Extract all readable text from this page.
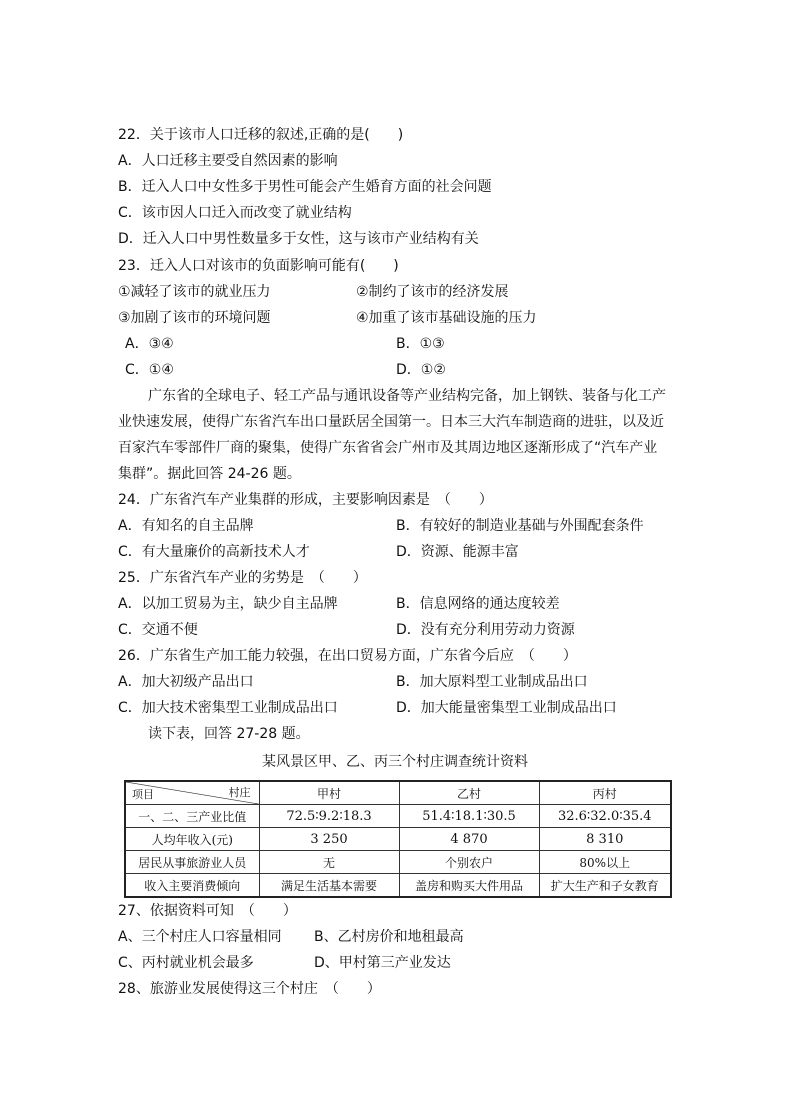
22．关于该市人口迁移的叙述,正确的是(　　)
A．人口迁移主要受自然因素的影响
B．迁入人口中女性多于男性可能会产生婚育方面的社会问题
C．该市因人口迁入而改变了就业结构
D．迁入人口中男性数量多于女性，这与该市产业结构有关
23．迁入人口对该市的负面影响可能有(　　)
①减轻了该市的就业压力	②制约了该市的经济发展
③加剧了该市的环境问题	④加重了该市基础设施的压力
A．③④	B．①③
C．①④	D．①②
广东省的全球电子、轻工产品与通讯设备等产业结构完备，加上钢铁、装备与化工产
业快速发展，使得广东省汽车出口量跃居全国第一。日本三大汽车制造商的进驻，以及近
百家汽车零部件厂商的聚集，使得广东省省会广州市及其周边地区逐渐形成了“汽车产业
集群”。据此回答 24-26 题。
24．广东省汽车产业集群的形成，主要影响因素是　（　　）
A．有知名的自主品牌	B．有较好的制造业基础与外围配套条件
C．有大量廉价的高新技术人才	D．资源、能源丰富
25．广东省汽车产业的劣势是　（　　）
A．以加工贸易为主，缺少自主品牌	B．信息网络的通达度较差
C．交通不便	D．没有充分利用劳动力资源
26．广东省生产加工能力较强，在出口贸易方面，广东省今后应　（　　）
A．加大初级产品出口	B．加大原料型工业制成品出口
C．加大技术密集型工业制成品出口	D．加大能量密集型工业制成品出口
读下表，回答 27-28 题。
某风景区甲、乙、丙三个村庄调查统计资料
项目 村庄	甲村	乙村	丙村
一、二、三产业比值	72.5∶9.2∶18.3	51.4∶18.1∶30.5	32.6∶32.0∶35.4
人均年收入(元)	3 250	4 870	8 310
居民从事旅游业人员	无	个别农户	80%以上
收入主要消费倾向	满足生活基本需要	盖房和购买大件用品	扩大生产和子女教育
27、依据资料可知　（　　）
A、三个村庄人口容量相同 B、乙村房价和地租最高
C、丙村就业机会最多	D、甲村第三产业发达
28、旅游业发展使得这三个村庄　（　　）
